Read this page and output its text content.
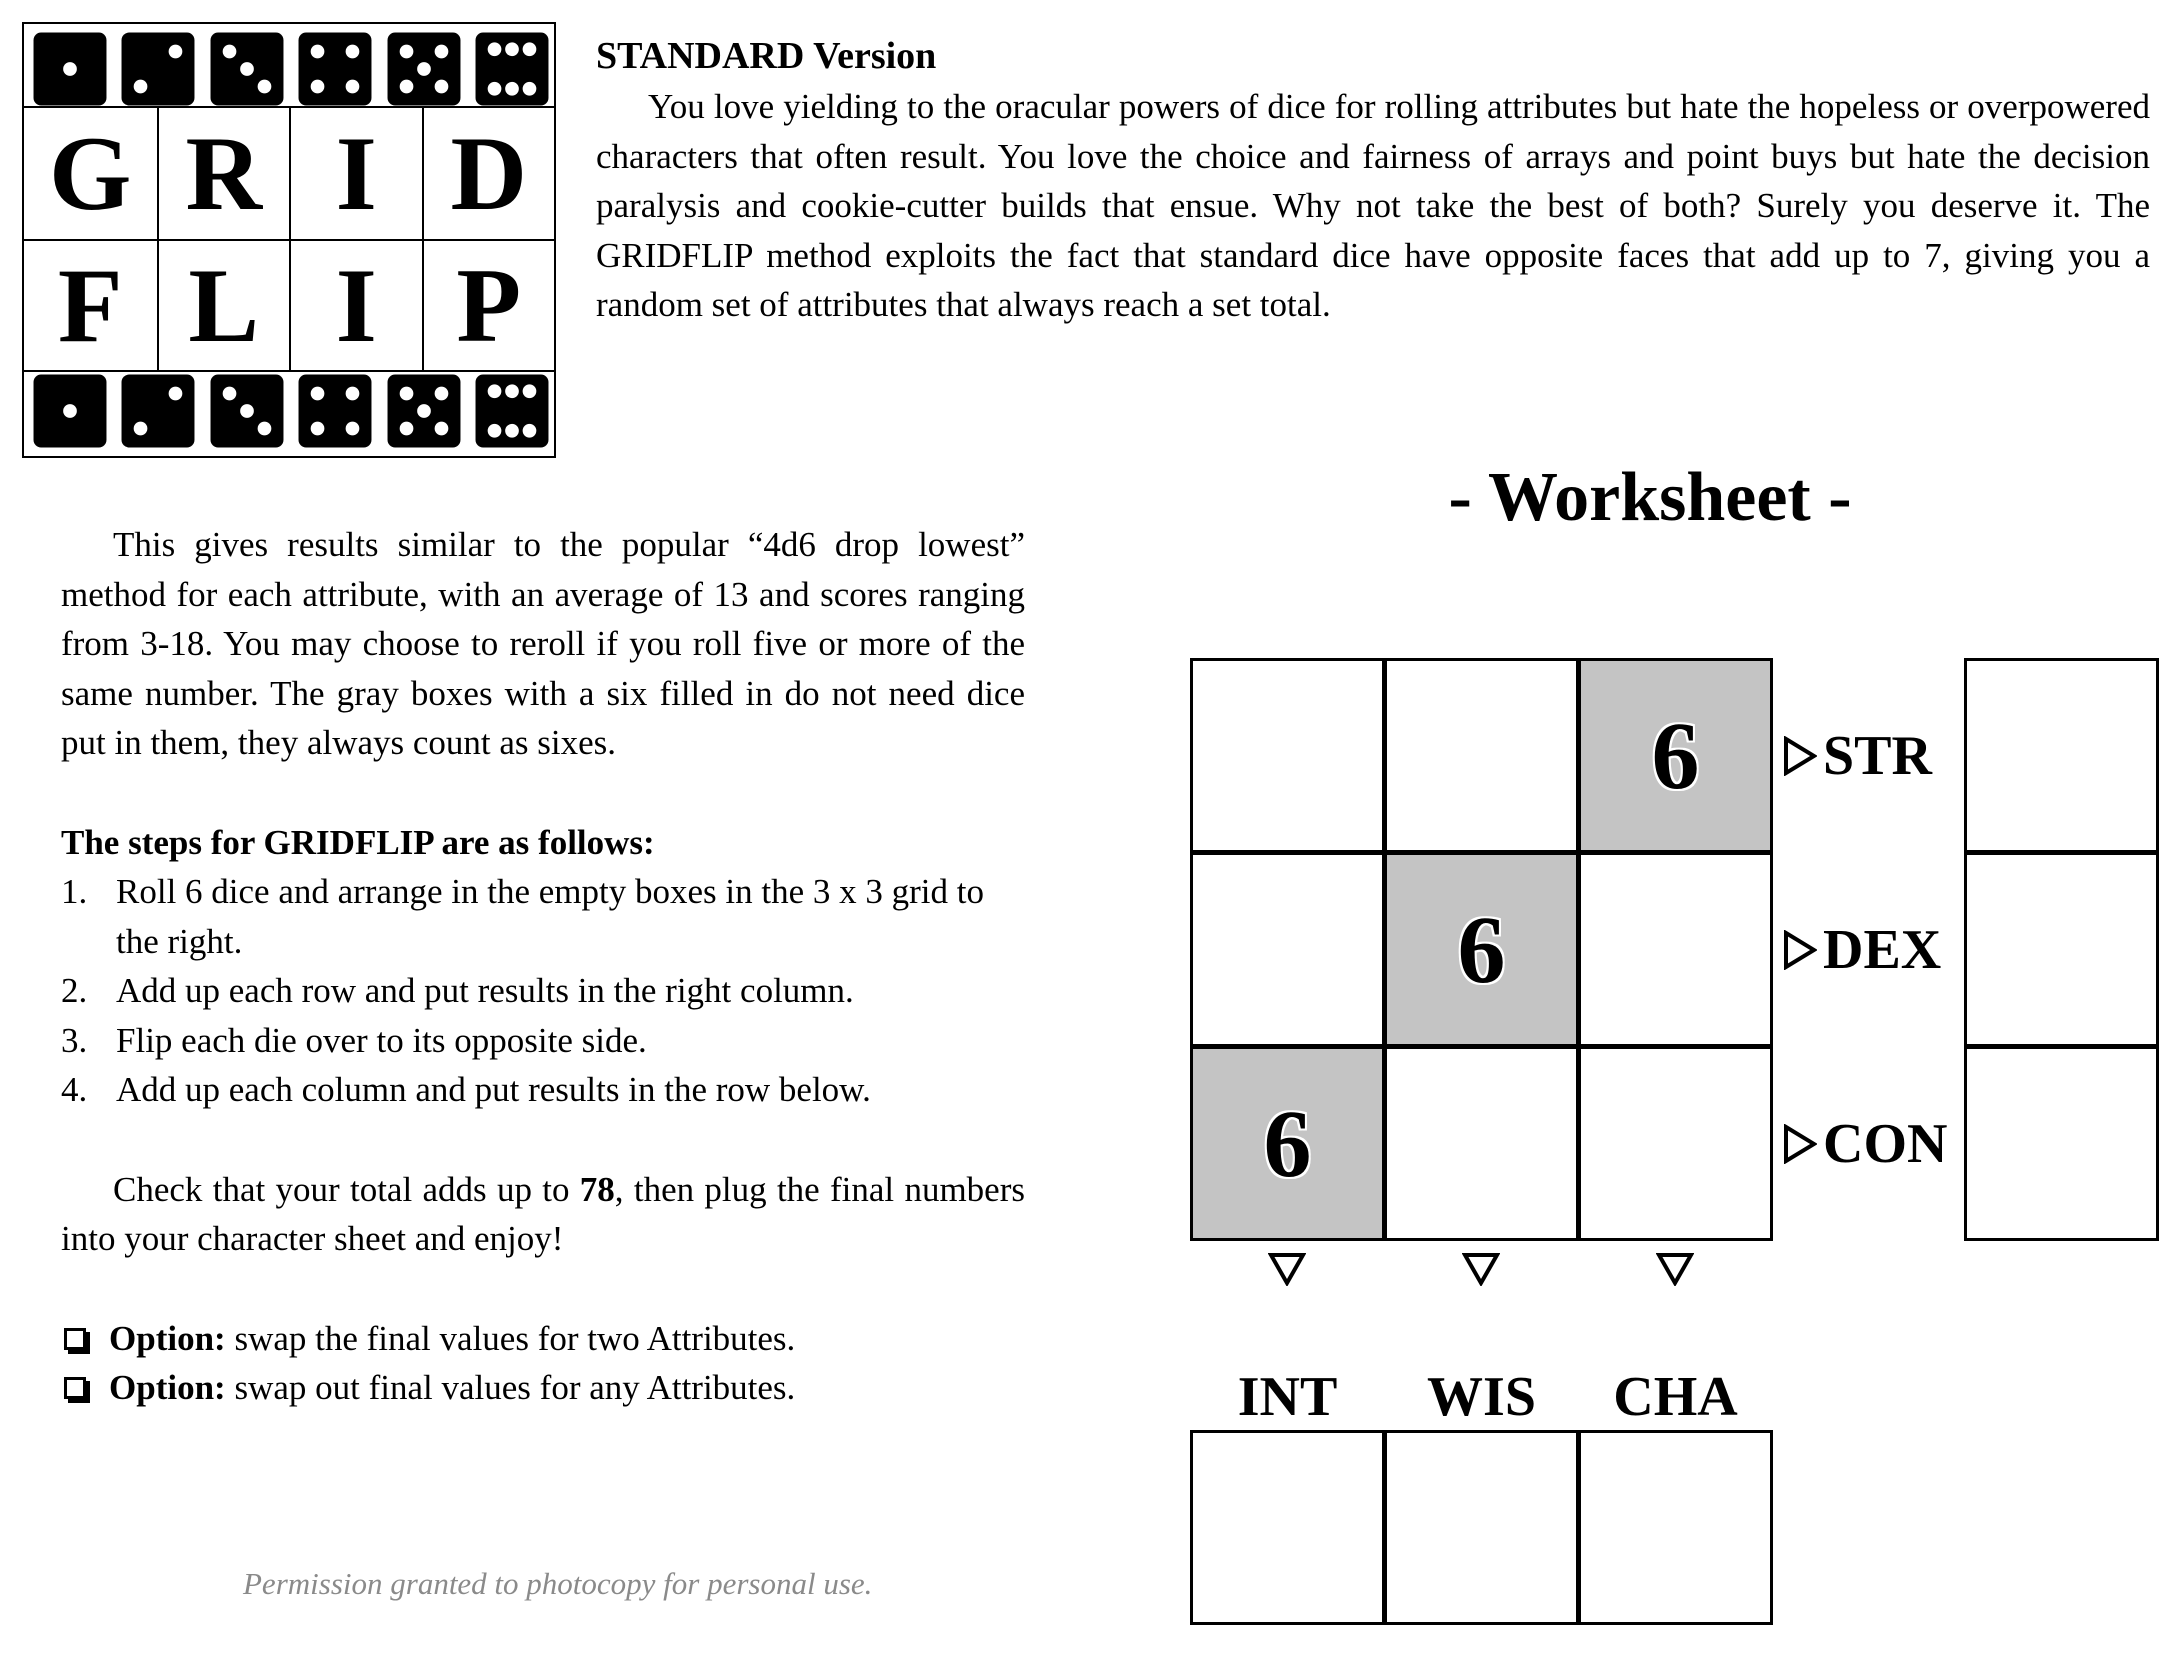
G R I D
F L I P

STANDARD Version

You love yielding to the oracular powers of dice for rolling attributes but hate the hopeless or overpowered characters that often result. You love the choice and fairness of arrays and point buys but hate the decision paralysis and cookie-cutter builds that ensue. Why not take the best of both? Surely you deserve it. The GRIDFLIP method exploits the fact that standard dice have opposite faces that add up to 7, giving you a random set of attributes that always reach a set total.

This gives results similar to the popular “4d6 drop lowest” method for each attribute, with an average of 13 and scores ranging from 3-18. You may choose to reroll if you roll five or more of the same number. The gray boxes with a six filled in do not need dice put in them, they always count as sixes.

The steps for GRIDFLIP are as follows:

1. Roll 6 dice and arrange in the empty boxes in the 3 x 3 grid to the right.
2. Add up each row and put results in the right column.
3. Flip each die over to its opposite side.
4. Add up each column and put results in the row below.

Check that your total adds up to 78, then plug the final numbers into your character sheet and enjoy!

Option: swap the final values for two Attributes.
Option: swap out final values for any Attributes.
Permission granted to photocopy for personal use.
- Worksheet -
6
6
6
STR
DEX
CON
INT	WIS	CHA
